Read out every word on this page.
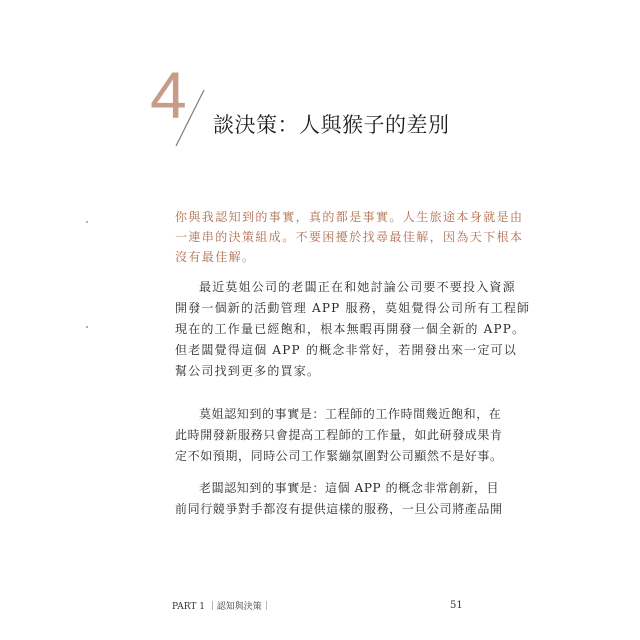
4 談決策：人與猴子的差別
你與我認知到的事實，真的都是事實。人生旅途本身就是由
一連串的決策組成。不要困擾於找尋最佳解，因為天下根本
沒有最佳解。
最近莫姐公司的老闆正在和她討論公司要不要投入資源
開發一個新的活動管理 APP 服務，莫姐覺得公司所有工程師
現在的工作量已經飽和，根本無暇再開發一個全新的 APP。
但老闆覺得這個 APP 的概念非常好，若開發出來一定可以
幫公司找到更多的買家。
莫姐認知到的事實是：工程師的工作時間幾近飽和，在
此時開發新服務只會提高工程師的工作量，如此研發成果肯
定不如預期，同時公司工作緊繃氛圍對公司顯然不是好事。
老闆認知到的事實是：這個 APP 的概念非常創新，目
前同行競爭對手都沒有提供這樣的服務，一旦公司將產品開
PART 1 ｜認知與決策｜	51
